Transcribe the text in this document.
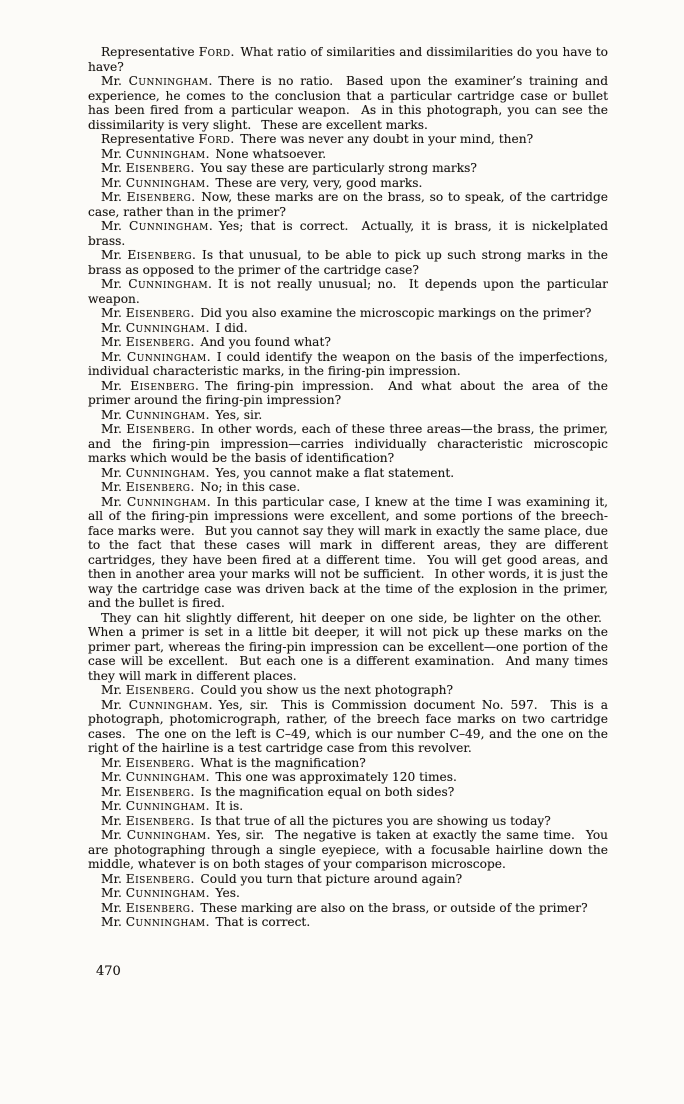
Representative Ford. What ratio of similarities and dissimilarities do you have to have?

Mr. Cunningham. There is no ratio.  Based upon the examiner’s training and experience, he comes to the conclusion that a particular cartridge case or bullet has been fired from a particular weapon.  As in this photograph, you can see the dissimilarity is very slight.  These are excellent marks.

Representative Ford. There was never any doubt in your mind, then?

Mr. Cunningham. None whatsoever.

Mr. Eisenberg. You say these are particularly strong marks?

Mr. Cunningham. These are very, very, good marks.

Mr. Eisenberg. Now, these marks are on the brass, so to speak, of the cartridge case, rather than in the primer?

Mr. Cunningham. Yes; that is correct.  Actually, it is brass, it is nickelplated brass.

Mr. Eisenberg. Is that unusual, to be able to pick up such strong marks in the brass as opposed to the primer of the cartridge case?

Mr. Cunningham. It is not really unusual; no.  It depends upon the particular weapon.

Mr. Eisenberg. Did you also examine the microscopic markings on the primer?

Mr. Cunningham. I did.

Mr. Eisenberg. And you found what?

Mr. Cunningham. I could identify the weapon on the basis of the imperfections, individual characteristic marks, in the firing-pin impression.

Mr. Eisenberg. The firing-pin impression.  And what about the area of the primer around the firing-pin impression?

Mr. Cunningham. Yes, sir.

Mr. Eisenberg. In other words, each of these three areas—the brass, the primer, and the firing-pin impression—carries individually characteristic microscopic marks which would be the basis of identification?

Mr. Cunningham. Yes, you cannot make a flat statement.

Mr. Eisenberg. No; in this case.

Mr. Cunningham. In this particular case, I knew at the time I was examining it, all of the firing-pin impressions were excellent, and some portions of the breech-face marks were.  But you cannot say they will mark in exactly the same place, due to the fact that these cases will mark in different areas, they are different cartridges, they have been fired at a different time.  You will get good areas, and then in another area your marks will not be sufficient.  In other words, it is just the way the cartridge case was driven back at the time of the explosion in the primer, and the bullet is fired.

They can hit slightly different, hit deeper on one side, be lighter on the other.  When a primer is set in a little bit deeper, it will not pick up these marks on the primer part, whereas the firing-pin impression can be excellent—one portion of the case will be excellent.  But each one is a different examination.  And many times they will mark in different places.

Mr. Eisenberg. Could you show us the next photograph?

Mr. Cunningham. Yes, sir.  This is Commission document No. 597.  This is a photograph, photomicrograph, rather, of the breech face marks on two cartridge cases.  The one on the left is C–49, which is our number C–49, and the one on the right of the hairline is a test cartridge case from this revolver.

Mr. Eisenberg. What is the magnification?

Mr. Cunningham. This one was approximately 120 times.

Mr. Eisenberg. Is the magnification equal on both sides?

Mr. Cunningham. It is.

Mr. Eisenberg. Is that true of all the pictures you are showing us today?

Mr. Cunningham. Yes, sir.  The negative is taken at exactly the same time.  You are photographing through a single eyepiece, with a focusable hairline down the middle, whatever is on both stages of your comparison microscope.

Mr. Eisenberg. Could you turn that picture around again?

Mr. Cunningham. Yes.

Mr. Eisenberg. These marking are also on the brass, or outside of the primer?

Mr. Cunningham. That is correct.

470
